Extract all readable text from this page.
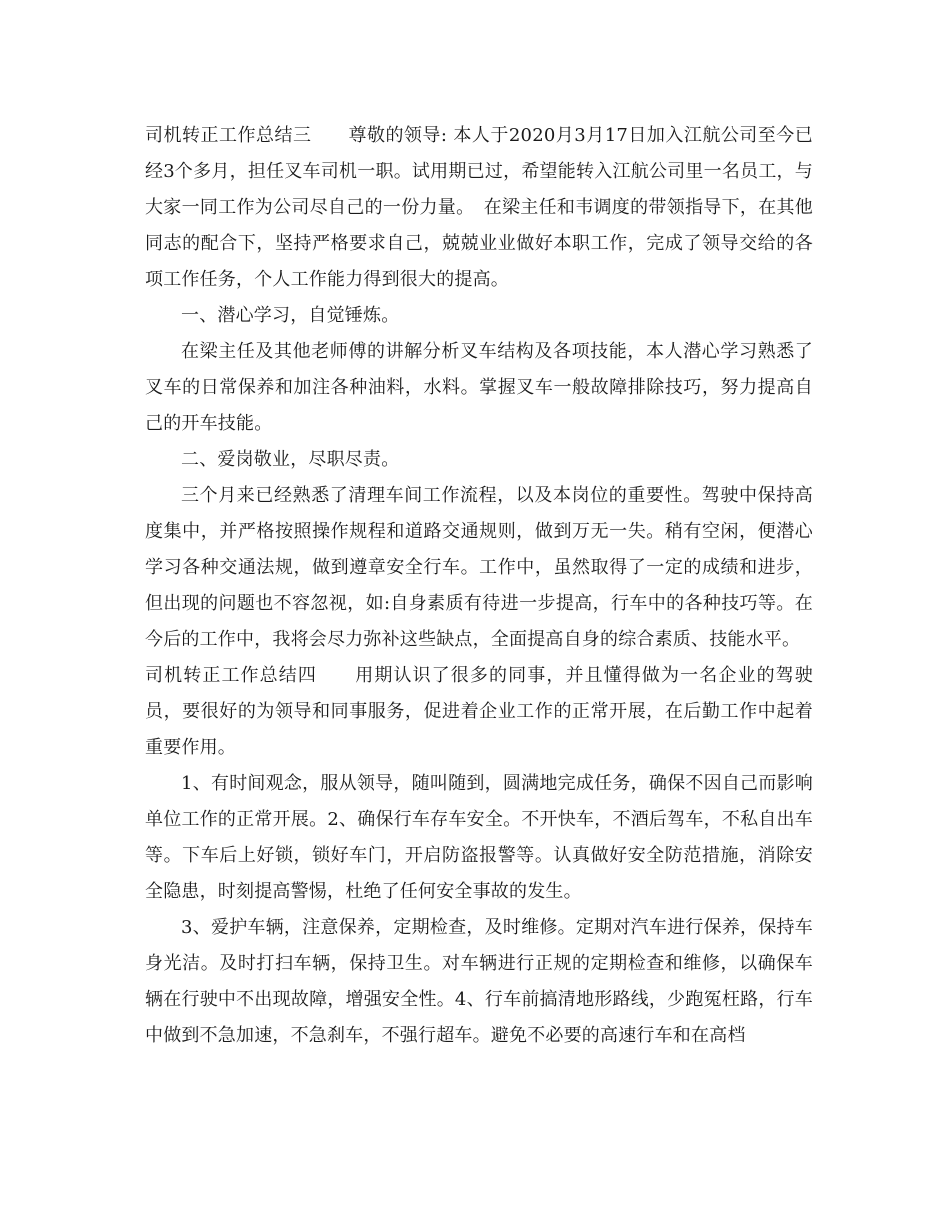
司机转正工作总结三　　尊敬的领导: 本人于2020月3月17日加入江航公司至今已经3个多月，担任叉车司机一职。试用期已过，希望能转入江航公司里一名员工，与大家一同工作为公司尽自己的一份力量。　在梁主任和韦调度的带领指导下，在其他同志的配合下，坚持严格要求自己，兢兢业业做好本职工作，完成了领导交给的各项工作任务，个人工作能力得到很大的提高。

一、潜心学习，自觉锤炼。

在梁主任及其他老师傅的讲解分析叉车结构及各项技能，本人潜心学习熟悉了叉车的日常保养和加注各种油料，水料。掌握叉车一般故障排除技巧，努力提高自己的开车技能。

二、爱岗敬业，尽职尽责。

三个月来已经熟悉了清理车间工作流程，以及本岗位的重要性。驾驶中保持高度集中，并严格按照操作规程和道路交通规则，做到万无一失。稍有空闲，便潜心学习各种交通法规，做到遵章安全行车。工作中，虽然取得了一定的成绩和进步，但出现的问题也不容忽视，如:自身素质有待进一步提高，行车中的各种技巧等。在今后的工作中，我将会尽力弥补这些缺点，全面提高自身的综合素质、技能水平。

司机转正工作总结四　　用期认识了很多的同事，并且懂得做为一名企业的驾驶员，要很好的为领导和同事服务，促进着企业工作的正常开展，在后勤工作中起着重要作用。

1、有时间观念，服从领导，随叫随到，圆满地完成任务，确保不因自己而影响单位工作的正常开展。2、确保行车存车安全。不开快车，不酒后驾车，不私自出车等。下车后上好锁，锁好车门，开启防盗报警等。认真做好安全防范措施，消除安全隐患，时刻提高警惕，杜绝了任何安全事故的发生。

3、爱护车辆，注意保养，定期检查，及时维修。定期对汽车进行保养，保持车身光洁。及时打扫车辆，保持卫生。对车辆进行正规的定期检查和维修，以确保车辆在行驶中不出现故障，增强安全性。4、行车前搞清地形路线，少跑冤枉路，行车中做到不急加速，不急刹车，不强行超车。避免不必要的高速行车和在高档
